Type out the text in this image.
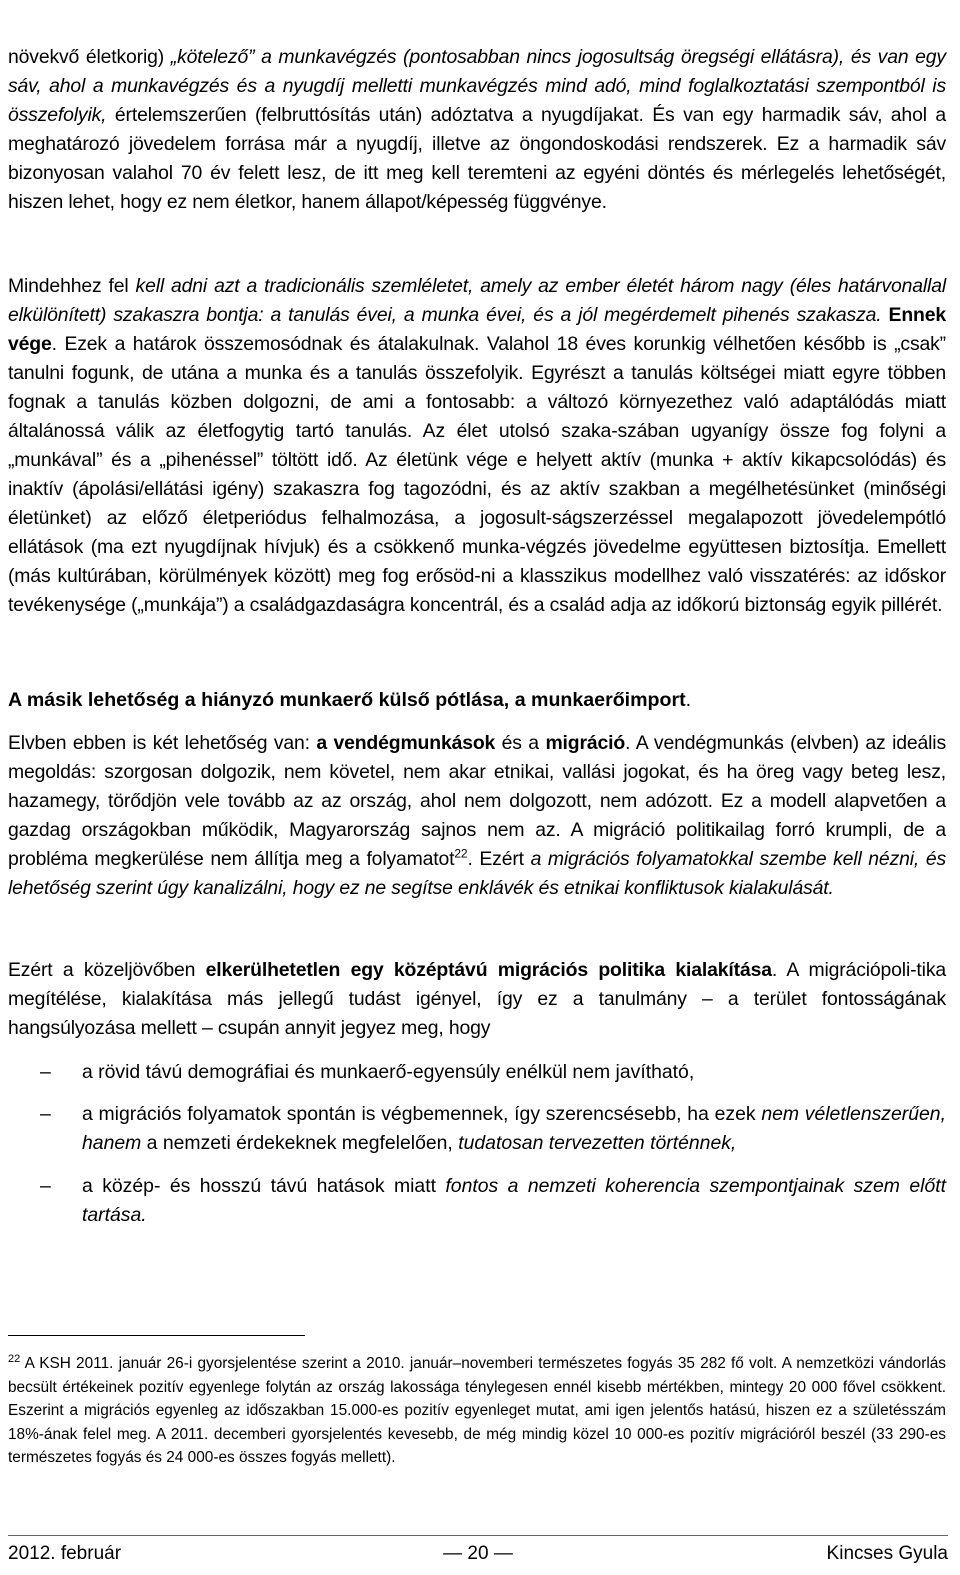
növekvő életkorig) „kötelező” a munkavégzés (pontosabban nincs jogosultság öregségi ellátásra), és van egy sáv, ahol a munkavégzés és a nyugdíj melletti munkavégzés mind adó, mind foglalkoztatási szempontból is összefolyik, értelemszerűen (felbruttósítás után) adóztatva a nyugdíjakat. És van egy harmadik sáv, ahol a meghatározó jövedelem forrása már a nyugdíj, illetve az öngondoskodási rendszerek. Ez a harmadik sáv bizonyosan valahol 70 év felett lesz, de itt meg kell teremteni az egyéni döntés és mérlegelés lehetőségét, hiszen lehet, hogy ez nem életkor, hanem állapot/képesség függvénye.

Mindehhez fel kell adni azt a tradicionális szemléletet, amely az ember életét három nagy (éles határvonallal elkülönített) szakaszra bontja: a tanulás évei, a munka évei, és a jól megérdemelt pihenés szakasza. Ennek vége. Ezek a határok összemosódnak és átalakulnak. Valahol 18 éves korunkig vélhetően később is „csak” tanulni fogunk, de utána a munka és a tanulás összefolyik. Egyrészt a tanulás költségei miatt egyre többen fognak a tanulás közben dolgozni, de ami a fontosabb: a változó környezethez való adaptálódás miatt általánossá válik az életfogytig tartó tanulás. Az élet utolsó szaka-szában ugyanígy össze fog folyni a „munkával” és a „pihenéssel” töltött idő. Az életünk vége e helyett aktív (munka + aktív kikapcsolódás) és inaktív (ápolási/ellátási igény) szakaszra fog tagozódni, és az aktív szakban a megélhetésünket (minőségi életünket) az előző életperiódus felhalmozása, a jogosult-ságszerzéssel megalapozott jövedelempótló ellátások (ma ezt nyugdíjnak hívjuk) és a csökkenő munka-végzés jövedelme együttesen biztosítja. Emellett (más kultúrában, körülmények között) meg fog erősöd-ni a klasszikus modellhez való visszatérés: az időskor tevékenysége („munkája”) a családgazdaságra koncentrál, és a család adja az időkorú biztonság egyik pillérét.

A másik lehetőség a hiányzó munkaerő külső pótlása, a munkaerőimport.

Elvben ebben is két lehetőség van: a vendégmunkások és a migráció. A vendégmunkás (elvben) az ideális megoldás: szorgosan dolgozik, nem követel, nem akar etnikai, vallási jogokat, és ha öreg vagy beteg lesz, hazamegy, törődjön vele tovább az az ország, ahol nem dolgozott, nem adózott. Ez a modell alapvetően a gazdag országokban működik, Magyarország sajnos nem az. A migráció politikailag forró krumpli, de a probléma megkerülése nem állítja meg a folyamatot$^{22}$. Ezért a migrációs folyamatokkal szembe kell nézni, és lehetőség szerint úgy kanalizálni, hogy ez ne segítse enklávék és etnikai konfliktusok kialakulását.

Ezért a közeljövőben elkerülhetetlen egy középtávú migrációs politika kialakítása. A migrációpoli-tika megítélése, kialakítása más jellegű tudást igényel, így ez a tanulmány – a terület fontosságának hangsúlyozása mellett – csupán annyit jegyez meg, hogy

– a rövid távú demográfiai és munkaerő-egyensúly enélkül nem javítható,
– a migrációs folyamatok spontán is végbemennek, így szerencsésebb, ha ezek nem véletlenszerűen, hanem a nemzeti érdekeknek megfelelően, tudatosan tervezetten történnek,
– a közép- és hosszú távú hatások miatt fontos a nemzeti koherencia szempontjainak szem előtt tartása.

$^{22}$ A KSH 2011. január 26-i gyorsjelentése szerint a 2010. január–novemberi természetes fogyás 35 282 fő volt. A nemzetközi vándorlás becsült értékeinek pozitív egyenlege folytán az ország lakossága ténylegesen ennél kisebb mértékben, mintegy 20 000 fővel csökkent. Eszerint a migrációs egyenleg az időszakban 15.000-es pozitív egyenleget mutat, ami igen jelentős hatású, hiszen ez a születésszám 18%-ának felel meg. A 2011. decemberi gyorsjelentés kevesebb, de még mindig közel 10 000-es pozitív migrációról beszél (33 290-es természetes fogyás és 24 000-es összes fogyás mellett).

2012. február	— 20 —	Kincses Gyula
